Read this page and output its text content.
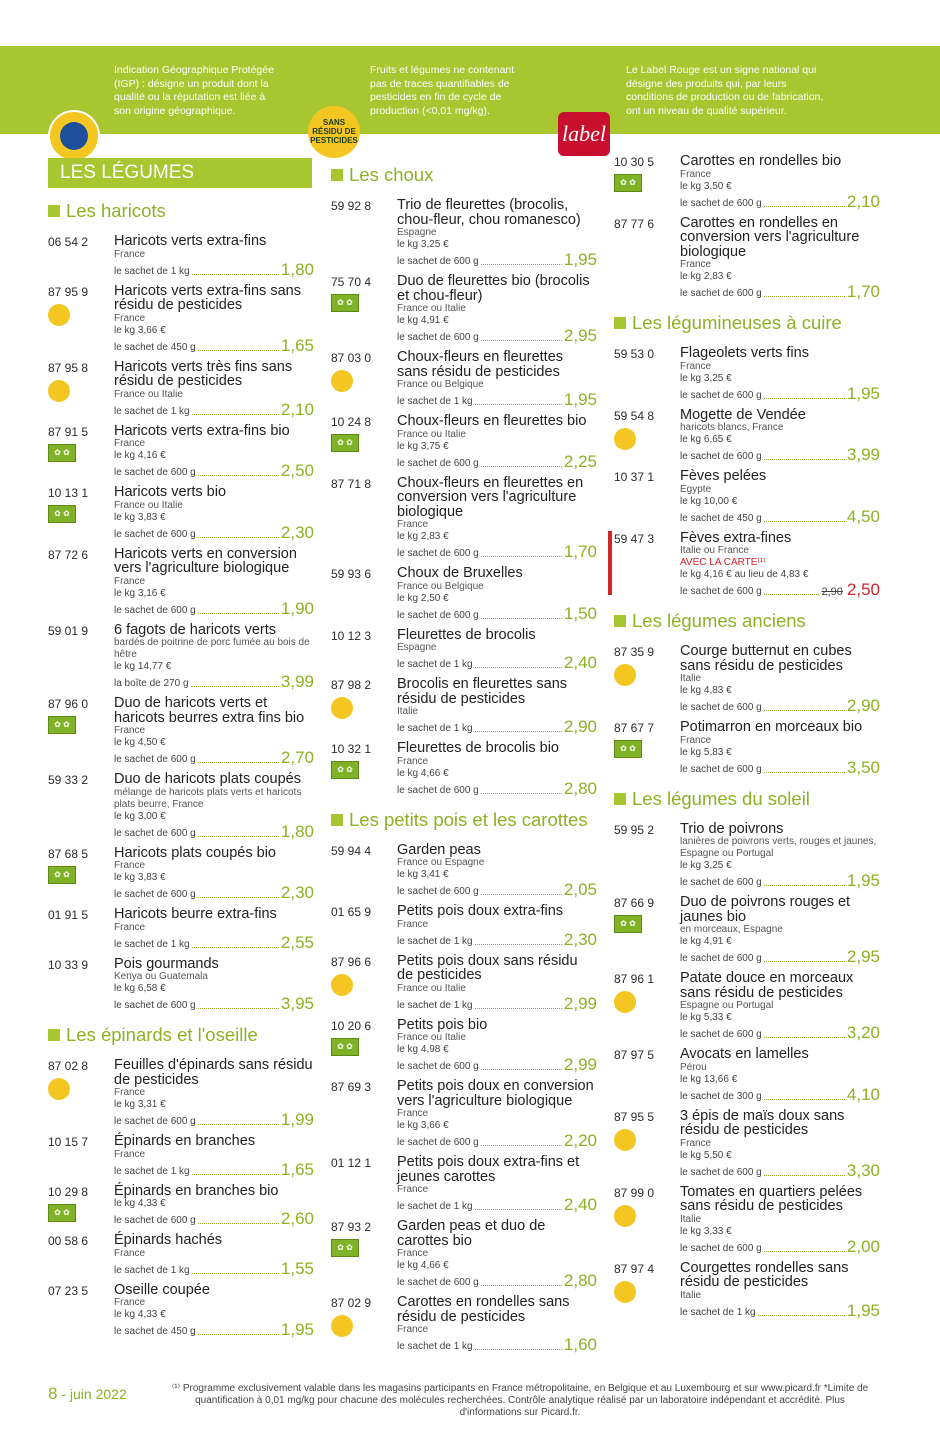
Indication Géographique Protégée (IGP) : désigne un produit dont la qualité ou la réputation est liée à son origine géographique.
SANS RÉSIDU DE PESTICIDES
Fruits et légumes ne contenant pas de traces quantifiables de pesticides en fin de cycle de production (<0,01 mg/kg).
label Rouge
Le Label Rouge est un signe national qui désigne des produits qui, par leurs conditions de production ou de fabrication, ont un niveau de qualité supérieur.
LES LÉGUMES
Les haricots
06 54 2	Haricots verts extra-fins
France
le sachet de 1 kg	1,80
87 95 9	Haricots verts extra-fins sans résidu de pesticides
France
le kg 3,66 €
le sachet de 450 g	1,65
87 95 8	Haricots verts très fins sans résidu de pesticides
France ou Italie
le sachet de 1 kg	2,10
87 91 5
✿ ✿	Haricots verts extra-fins bio
France
le kg 4,16 €
le sachet de 600 g	2,50
10 13 1
✿ ✿	Haricots verts bio
France ou Italie
le kg 3,83 €
le sachet de 600 g	2,30
87 72 6	Haricots verts en conversion vers l'agriculture biologique
France
le kg 3,16 €
le sachet de 600 g	1,90
59 01 9	6 fagots de haricots verts
bardés de poitrine de porc fumée au bois de hêtre
le kg 14,77 €
la boîte de 270 g	3,99
87 96 0
✿ ✿	Duo de haricots verts et haricots beurres extra fins bio
France
le kg 4,50 €
le sachet de 600 g	2,70
59 33 2	Duo de haricots plats coupés
mélange de haricots plats verts et haricots plats beurre, France
le kg 3,00 €
le sachet de 600 g	1,80
87 68 5
✿ ✿	Haricots plats coupés bio
France
le kg 3,83 €
le sachet de 600 g	2,30
01 91 5	Haricots beurre extra-fins
France
le sachet de 1 kg	2,55
10 33 9	Pois gourmands
Kenya ou Guatemala
le kg 6,58 €
le sachet de 600 g	3,95
Les épinards et l'oseille
87 02 8	Feuilles d'épinards sans résidu de pesticides
France
le kg 3,31 €
le sachet de 600 g	1,99
10 15 7	Épinards en branches
France
le sachet de 1 kg	1,65
10 29 8
✿ ✿	Épinards en branches bio
le kg 4,33 €
le sachet de 600 g	2,60
00 58 6	Épinards hachés
France
le sachet de 1 kg	1,55
07 23 5	Oseille coupée
France
le kg 4,33 €
le sachet de 450 g	1,95
Les choux
59 92 8	Trio de fleurettes (brocolis, chou-fleur, chou romanesco)
Espagne
le kg 3,25 €
le sachet de 600 g	1,95
75 70 4
✿ ✿	Duo de fleurettes bio (brocolis et chou-fleur)
France ou Italie
le kg 4,91 €
le sachet de 600 g	2,95
87 03 0	Choux-fleurs en fleurettes sans résidu de pesticides
France ou Belgique
le sachet de 1 kg	1,95
10 24 8
✿ ✿	Choux-fleurs en fleurettes bio
France ou Italie
le kg 3,75 €
le sachet de 600 g	2,25
87 71 8	Choux-fleurs en fleurettes en conversion vers l'agriculture biologique
France
le kg 2,83 €
le sachet de 600 g	1,70
59 93 6	Choux de Bruxelles
France ou Belgique
le kg 2,50 €
le sachet de 600 g	1,50
10 12 3	Fleurettes de brocolis
Espagne
le sachet de 1 kg	2,40
87 98 2	Brocolis en fleurettes sans résidu de pesticides
Italie
le sachet de 1 kg	2,90
10 32 1
✿ ✿	Fleurettes de brocolis bio
France
le kg 4,66 €
le sachet de 600 g	2,80
Les petits pois et les carottes
59 94 4	Garden peas
France ou Espagne
le kg 3,41 €
le sachet de 600 g	2,05
01 65 9	Petits pois doux extra-fins
France
le sachet de 1 kg	2,30
87 96 6	Petits pois doux sans résidu de pesticides
France ou Italie
le sachet de 1 kg	2,99
10 20 6
✿ ✿	Petits pois bio
France ou Italie
le kg 4,98 €
le sachet de 600 g	2,99
87 69 3	Petits pois doux en conversion vers l'agriculture biologique
France
le kg 3,66 €
le sachet de 600 g	2,20
01 12 1	Petits pois doux extra-fins et jeunes carottes
France
le sachet de 1 kg	2,40
87 93 2
✿ ✿	Garden peas et duo de carottes bio
France
le kg 4,66 €
le sachet de 600 g	2,80
87 02 9	Carottes en rondelles sans résidu de pesticides
France
le sachet de 1 kg	1,60
10 30 5
✿ ✿	Carottes en rondelles bio
France
le kg 3,50 €
le sachet de 600 g	2,10
87 77 6	Carottes en rondelles en conversion vers l'agriculture biologique
France
le kg 2,83 €
le sachet de 600 g	1,70
Les légumineuses à cuire
59 53 0	Flageolets verts fins
France
le kg 3,25 €
le sachet de 600 g	1,95
59 54 8	Mogette de Vendée
haricots blancs, France
le kg 6,65 €
le sachet de 600 g	3,99
10 37 1	Fèves pelées
Egypte
le kg 10,00 €
le sachet de 450 g	4,50
59 47 3	Fèves extra-fines
Italie ou France
AVEC LA CARTE⁽¹⁾
le kg 4,16 € au lieu de 4,83 €
le sachet de 600 g	2,90 2,50
Les légumes anciens
87 35 9	Courge butternut en cubes sans résidu de pesticides
Italie
le kg 4,83 €
le sachet de 600 g	2,90
87 67 7
✿ ✿	Potimarron en morceaux bio
France
le kg 5,83 €
le sachet de 600 g	3,50
Les légumes du soleil
59 95 2	Trio de poivrons
lanières de poivrons verts, rouges et jaunes, Espagne ou Portugal
le kg 3,25 €
le sachet de 600 g	1,95
87 66 9
✿ ✿	Duo de poivrons rouges et jaunes bio
en morceaux, Espagne
le kg 4,91 €
le sachet de 600 g	2,95
87 96 1	Patate douce en morceaux sans résidu de pesticides
Espagne ou Portugal
le kg 5,33 €
le sachet de 600 g	3,20
87 97 5	Avocats en lamelles
Pérou
le kg 13,66 €
le sachet de 300 g	4,10
87 95 5	3 épis de maïs doux sans résidu de pesticides
France
le kg 5,50 €
le sachet de 600 g	3,30
87 99 0	Tomates en quartiers pelées sans résidu de pesticides
Italie
le kg 3,33 €
le sachet de 600 g	2,00
87 97 4	Courgettes rondelles sans résidu de pesticides
Italie
le sachet de 1 kg	1,95
8 - juin 2022	⁽¹⁾ Programme exclusivement valable dans les magasins participants en France métropolitaine, en Belgique et au Luxembourg et sur www.picard.fr *Limite de quantification à 0,01 mg/kg pour chacune des molécules recherchées. Contrôle analytique réalisé par un laboratoire indépendant et accrédité. Plus d'informations sur Picard.fr.
